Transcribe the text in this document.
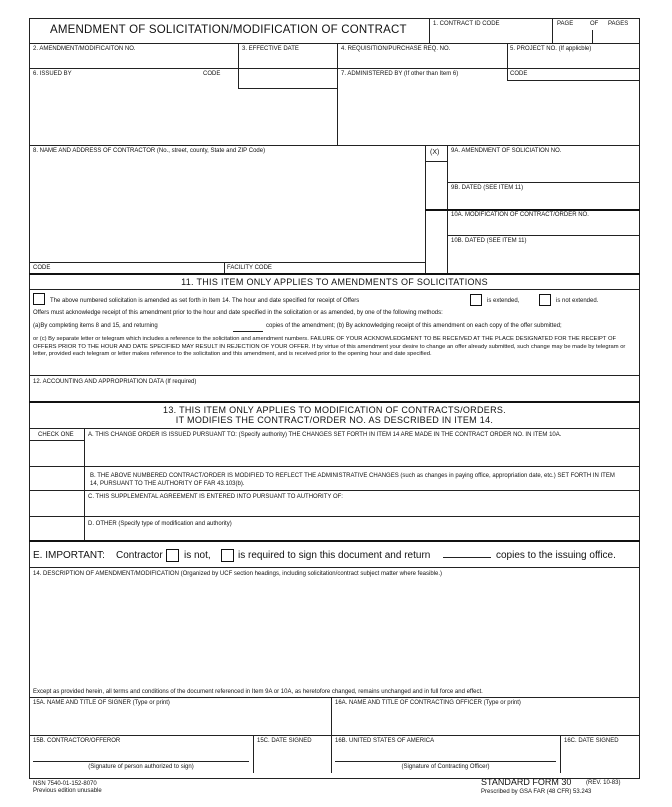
AMENDMENT OF SOLICITATION/MODIFICATION OF CONTRACT	1. CONTRACT ID CODE	PAGE	OF PAGES
2. AMENDMENT/MODIFICAITON NO.	3. EFFECTIVE DATE	4. REQUISITION/PURCHASE REQ. NO.	5. PROJECT NO. (If applicble)
6. ISSUED BY	CODE	7. ADMINISTERED BY (If other than Item 6)	CODE
8. NAME AND ADDRESS OF CONTRACTOR (No., street, county, State and ZIP Code)	(X) 9A. AMENDMENT OF SOLICIATION NO.
9B. DATED (SEE ITEM 11)
10A. MODIFICATION OF CONTRACT/ORDER NO.
10B. DATED (SEE ITEM 11)
CODE	FACILITY CODE
11. THIS ITEM ONLY APPLIES TO AMENDMENTS OF SOLICITATIONS
The above numbered solicitation is amended as set forth in Item 14. The hour and date specified for receipt of Offers	is extended,	is not extended.
Offers must acknowledge receipt of this amendment prior to the hour and date specified in the solicitation or as amended, by one of the following methods:
(a)By completing items 8 and 15, and returning	copies of the amendment; (b) By acknowledging receipt of this amendment on each copy of the offer submitted;
or (c) By separate letter or telegram which includes a reference to the solicitation and amendment numbers. FAILURE OF YOUR ACKNOWLEDGMENT TO BE RECEIVED AT THE PLACE DESIGNATED FOR THE RECEIPT OF OFFERS PRIOR TO THE HOUR AND DATE SPECIFIED MAY RESULT IN REJECTION OF YOUR OFFER. If by virtue of this amendment your desire to change an offer already submitted, such change may be made by telegram or letter, provided each telegram or letter makes reference to the solicitation and this amendment, and is received prior to the opening hour and date specified.
12. ACCOUNTING AND APPROPRIATION DATA (If required)
13. THIS ITEM ONLY APPLIES TO MODIFICATION OF CONTRACTS/ORDERS.
IT MODIFIES THE CONTRACT/ORDER NO. AS DESCRIBED IN ITEM 14.
CHECK ONE A. THIS CHANGE ORDER IS ISSUED PURSUANT TO: (Specify authority) THE CHANGES SET FORTH IN ITEM 14 ARE MADE IN THE CONTRACT ORDER NO. IN ITEM 10A.
B. THE ABOVE NUMBERED CONTRACT/ORDER IS MODIFIED TO REFLECT THE ADMINISTRATIVE CHANGES (such as changes in paying office, appropriation date, etc.) SET FORTH IN ITEM 14, PURSUANT TO THE AUTHORITY OF FAR 43.103(b).
C. THIS SUPPLEMENTAL AGREEMENT IS ENTERED INTO PURSUANT TO AUTHORITY OF:
D. OTHER (Specify type of modification and authority)
E. IMPORTANT: Contractor is not,	is required to sign this document and return	copies to the issuing office.
14. DESCRIPTION OF AMENDMENT/MODIFICATION (Organized by UCF section headings, including solicitation/contract subject matter where feasible.)
Except as provided herein, all terms and conditions of the document referenced in Item 9A or 10A, as heretofore changed, remains unchanged and in full force and effect.
15A. NAME AND TITLE OF SIGNER (Type or print)	16A. NAME AND TITLE OF CONTRACTING OFFICER (Type or print)
15B. CONTRACTOR/OFFEROR	15C. DATE SIGNED	16B. UNITED STATES OF AMERICA	16C. DATE SIGNED
(Signature of person authorized to sign)	(Signature of Contracting Officer)
NSN 7540-01-152-8070
Previous edition unusable
STANDARD FORM 30 (REV. 10-83)
Prescribed by GSA FAR (48 CFR) 53.243
